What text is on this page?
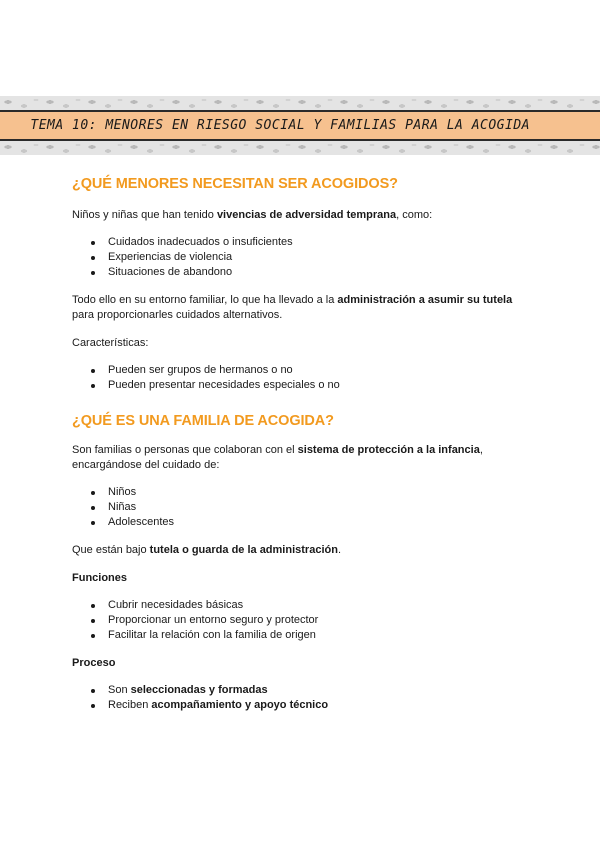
TEMA 10: MENORES EN RIESGO SOCIAL Y FAMILIAS PARA LA ACOGIDA
¿QUÉ MENORES NECESITAN SER ACOGIDOS?

Niños y niñas que han tenido vivencias de adversidad temprana, como:

Cuidados inadecuados o insuficientes
Experiencias de violencia
Situaciones de abandono

Todo ello en su entorno familiar, lo que ha llevado a la administración a asumir su tutela
para proporcionarles cuidados alternativos.

Características:

Pueden ser grupos de hermanos o no
Pueden presentar necesidades especiales o no
¿QUÉ ES UNA FAMILIA DE ACOGIDA?

Son familias o personas que colaboran con el sistema de protección a la infancia,
encargándose del cuidado de:

Niños
Niñas
Adolescentes

Que están bajo tutela o guarda de la administración.

Funciones

Cubrir necesidades básicas
Proporcionar un entorno seguro y protector
Facilitar la relación con la familia de origen

Proceso

Son seleccionadas y formadas
Reciben acompañamiento y apoyo técnico
